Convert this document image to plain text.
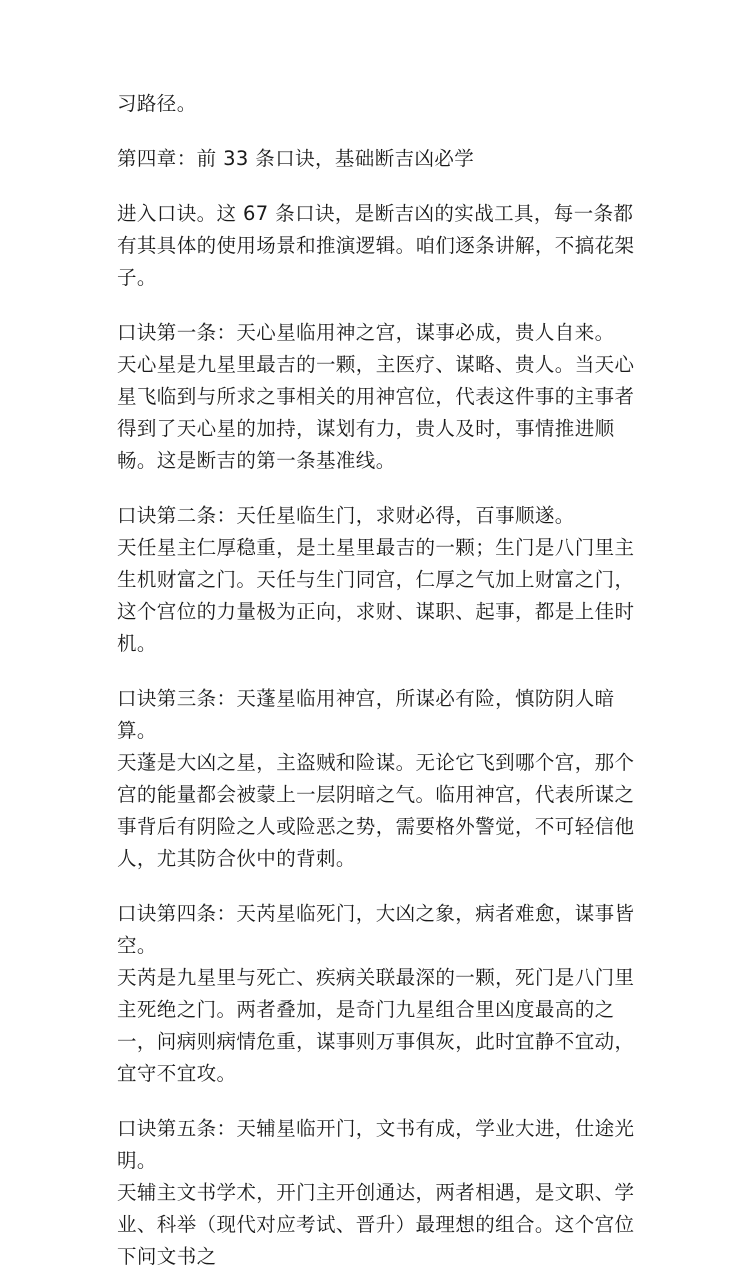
习路径。

第四章：前 33 条口诀，基础断吉凶必学

进入口诀。这 67 条口诀，是断吉凶的实战工具，每一条都有其具体的使用场景和推演逻辑。咱们逐条讲解，不搞花架子。

口诀第一条：天心星临用神之宫，谋事必成，贵人自来。

天心星是九星里最吉的一颗，主医疗、谋略、贵人。当天心星飞临到与所求之事相关的用神宫位，代表这件事的主事者得到了天心星的加持，谋划有力，贵人及时，事情推进顺畅。这是断吉的第一条基准线。

口诀第二条：天任星临生门，求财必得，百事顺遂。

天任星主仁厚稳重，是土星里最吉的一颗；生门是八门里主生机财富之门。天任与生门同宫，仁厚之气加上财富之门，这个宫位的力量极为正向，求财、谋职、起事，都是上佳时机。

口诀第三条：天蓬星临用神宫，所谋必有险，慎防阴人暗算。

天蓬是大凶之星，主盗贼和险谋。无论它飞到哪个宫，那个宫的能量都会被蒙上一层阴暗之气。临用神宫，代表所谋之事背后有阴险之人或险恶之势，需要格外警觉，不可轻信他人，尤其防合伙中的背刺。

口诀第四条：天芮星临死门，大凶之象，病者难愈，谋事皆空。

天芮是九星里与死亡、疾病关联最深的一颗，死门是八门里主死绝之门。两者叠加，是奇门九星组合里凶度最高的之一，问病则病情危重，谋事则万事俱灰，此时宜静不宜动，宜守不宜攻。

口诀第五条：天辅星临开门，文书有成，学业大进，仕途光明。

天辅主文书学术，开门主开创通达，两者相遇，是文职、学业、科举（现代对应考试、晋升）最理想的组合。这个宫位下问文书之
